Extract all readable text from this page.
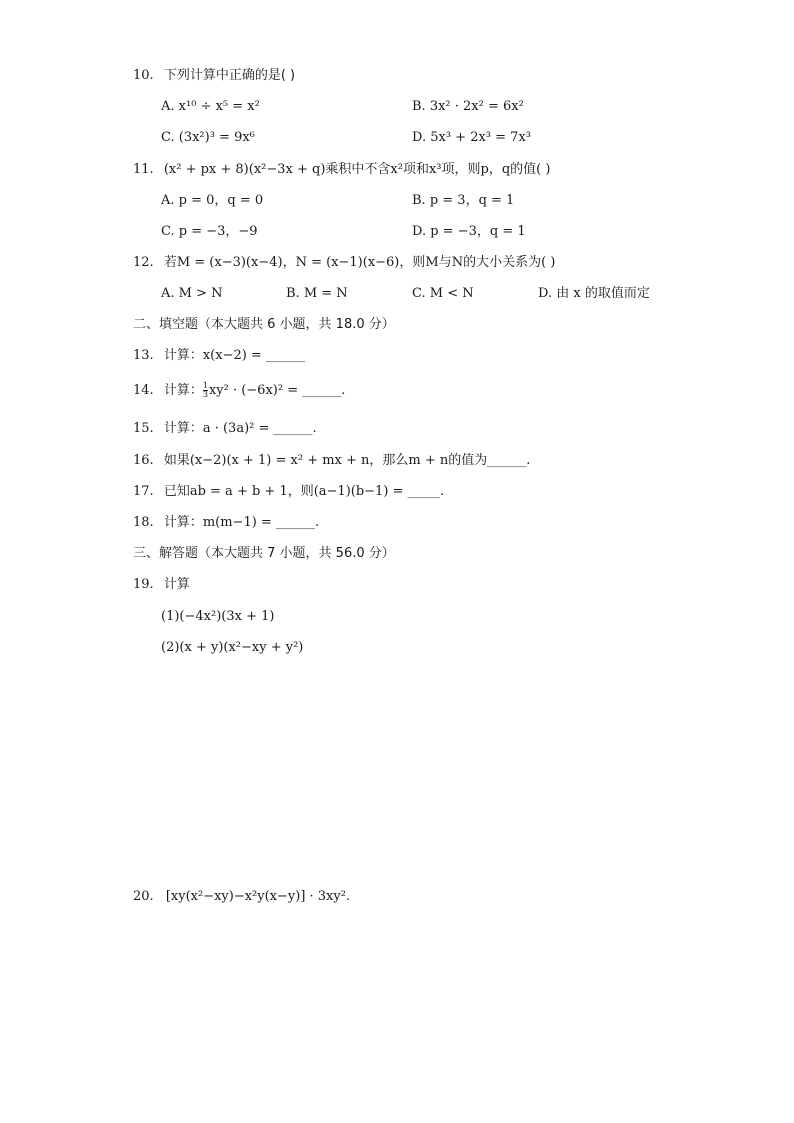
10. 下列计算中正确的是( )
A. x¹⁰ ÷ x⁵ = x²	B. 3x² · 2x² = 6x²
C. (3x²)³ = 9x⁶	D. 5x³ + 2x³ = 7x³
11. (x² + px + 8)(x²−3x + q)乘积中不含x²项和x³项，则p，q的值( )
A. p = 0，q = 0	B. p = 3，q = 1
C. p = −3，−9	D. p = −3，q = 1
12. 若M = (x−3)(x−4)，N = (x−1)(x−6)，则M与N的大小关系为( )
A. M > N	B. M = N	C. M < N	D. 由 x 的取值而定
二、填空题（本大题共 6 小题，共 18.0 分）
13. 计算：x(x−2) = ______
14. 计算： $\frac{1}{3} xy^2 \cdot (-6x)^2$ = ______.
15. 计算：a · (3a)² = ______.
16. 如果(x−2)(x + 1) = x² + mx + n，那么m + n的值为______.
17. 已知ab = a + b + 1，则(a−1)(b−1) = _____.
18. 计算：m(m−1) = ______.
三、解答题（本大题共 7 小题，共 56.0 分）
19. 计算
(1)(−4x²)(3x + 1)
(2)(x + y)(x²−xy + y²)
20. [xy(x²−xy)−x²y(x−y)] · 3xy².
